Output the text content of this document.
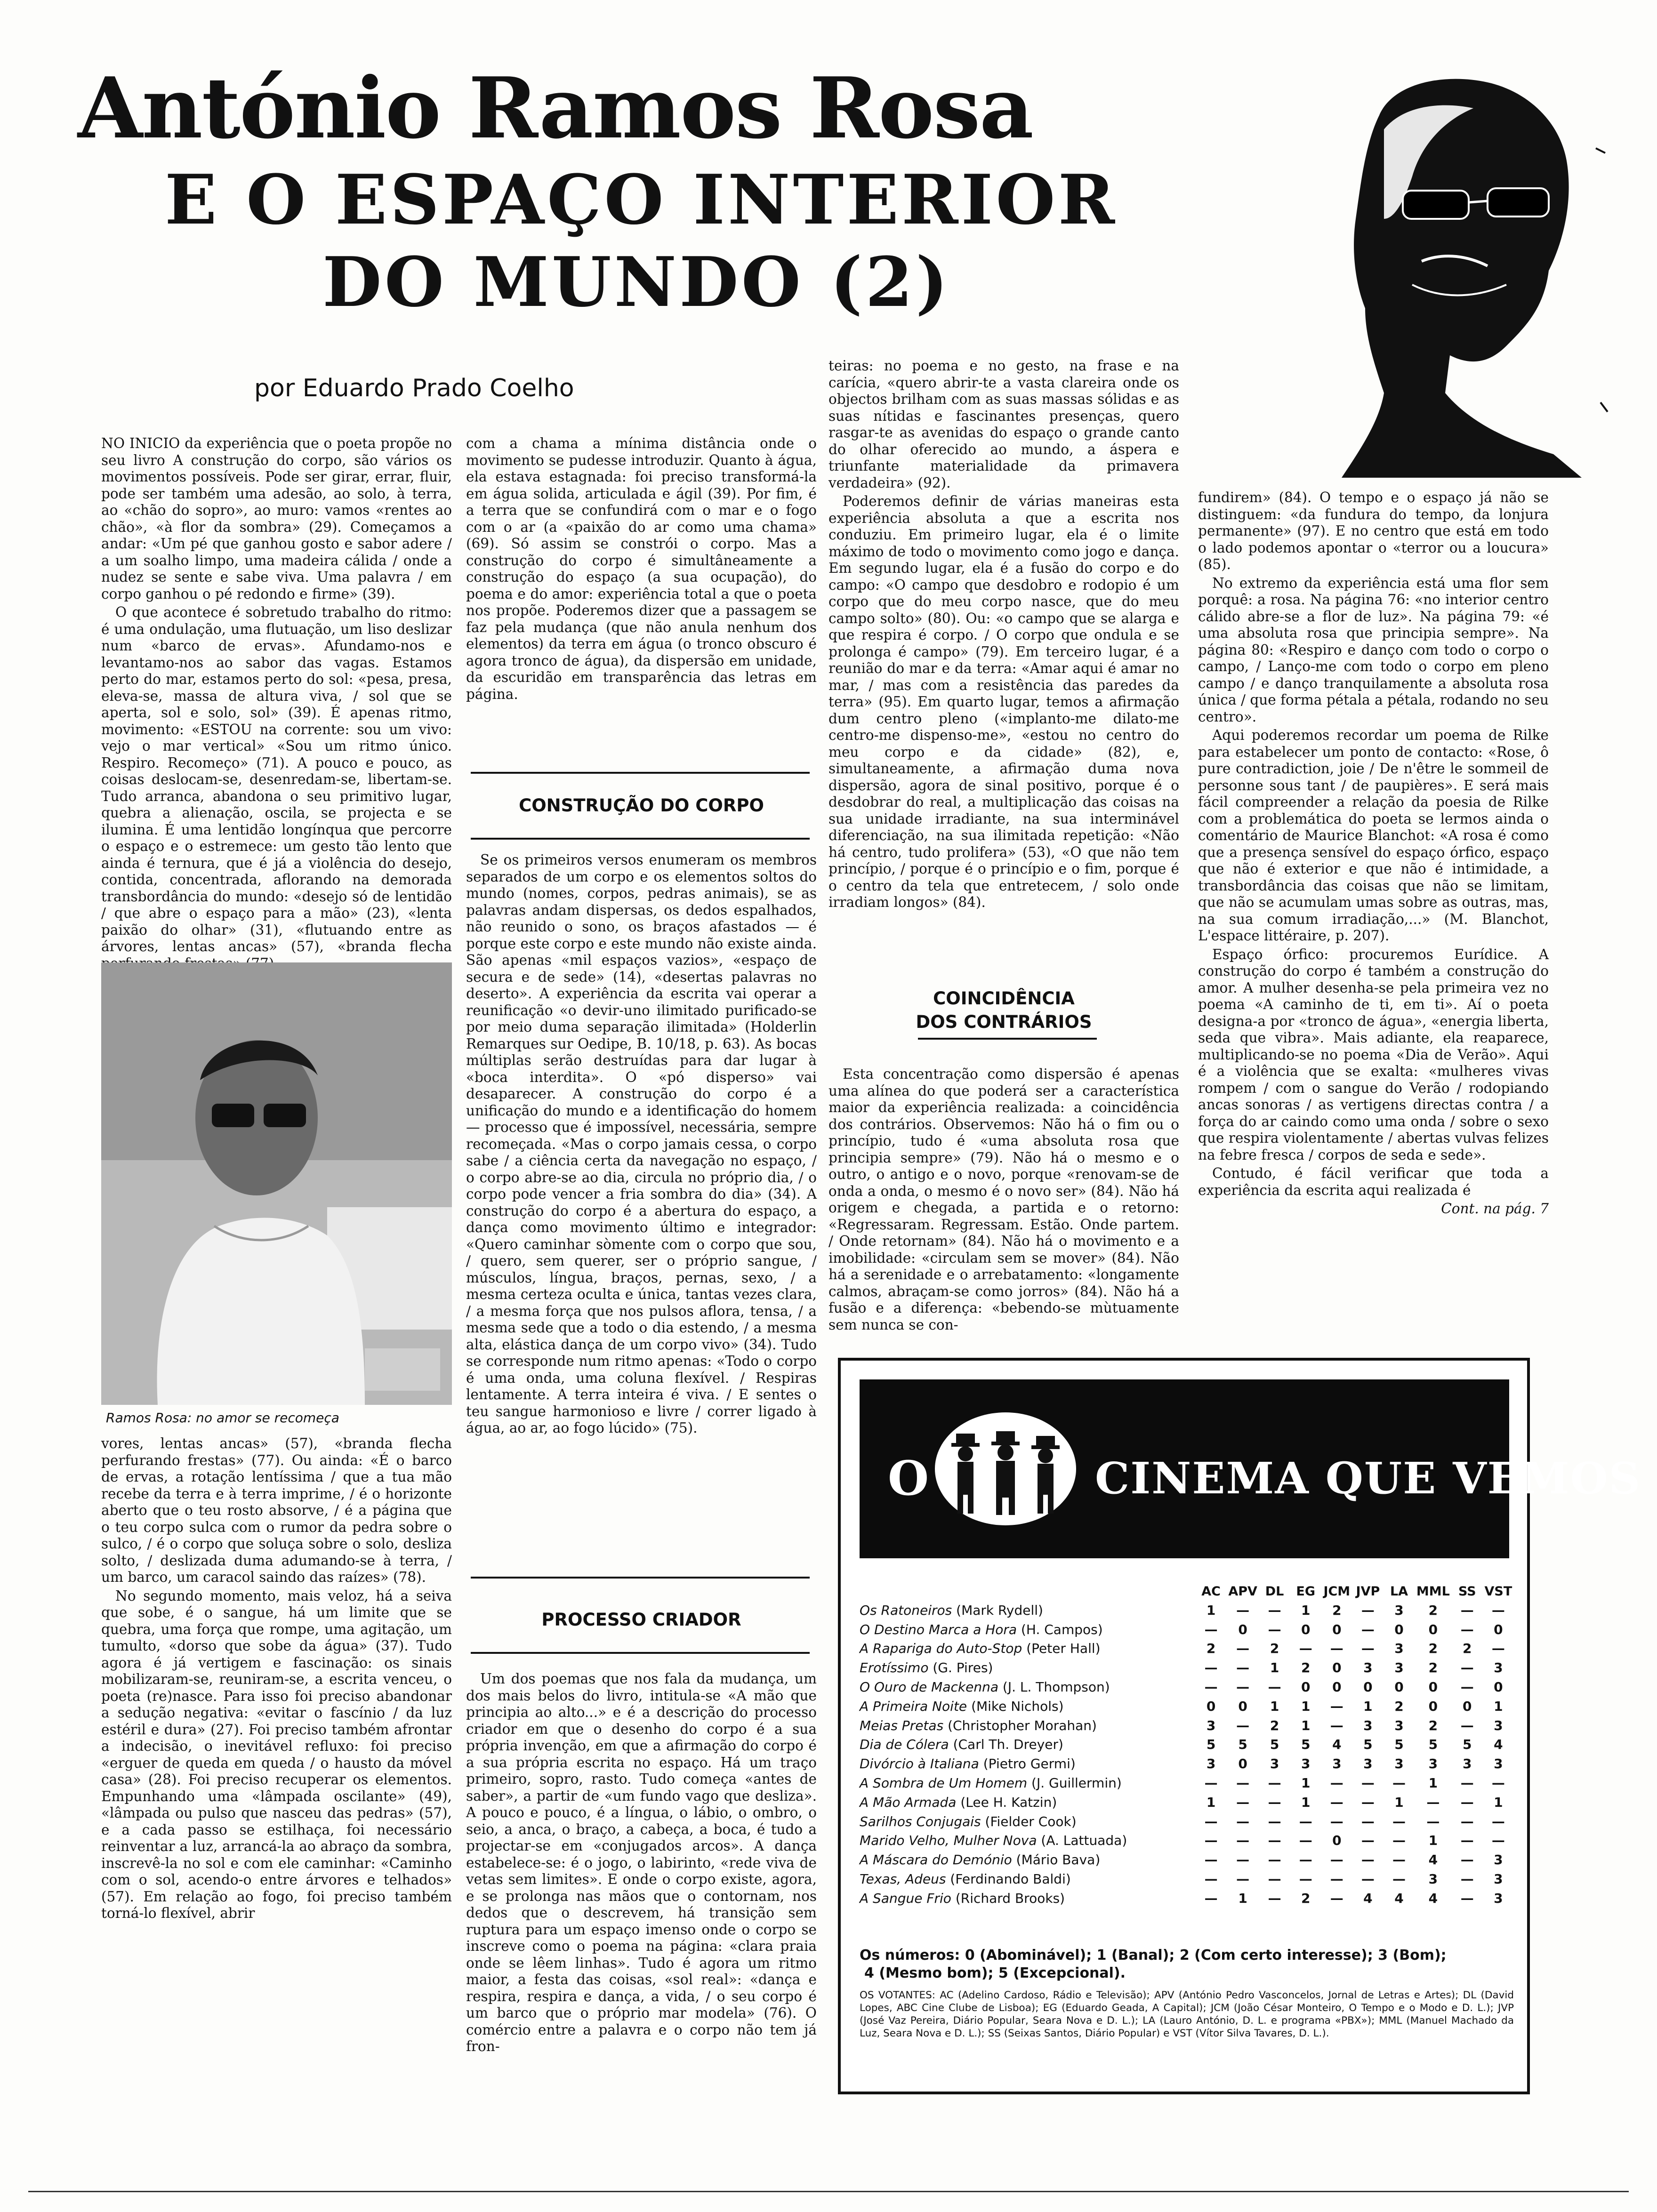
António Ramos Rosa
E O ESPAÇO INTERIOR
DO MUNDO (2)
por Eduardo Prado Coelho

NO INICIO da experiência que o poeta propõe no seu livro A construção do corpo, são vários os movimentos possíveis. Pode ser girar, errar, fluir, pode ser também uma adesão, ao solo, à terra, ao «chão do sopro», ao muro: vamos «rentes ao chão», «à flor da sombra» (29). Começamos a andar: «Um pé que ganhou gosto e sabor adere / a um soalho limpo, uma madeira cálida / onde a nudez se sente e sabe viva. Uma palavra / em corpo ganhou o pé redondo e firme» (39).

O que acontece é sobretudo trabalho do ritmo: é uma ondulação, uma flutuação, um liso deslizar num «barco de ervas». Afundamo-nos e levantamo-nos ao sabor das vagas. Estamos perto do mar, estamos perto do sol: «pesa, presa, eleva-se, massa de altura viva, / sol que se aperta, sol e solo, sol» (39). É apenas ritmo, movimento: «ESTOU na corrente: sou um vivo: vejo o mar vertical» «Sou um ritmo único. Respiro. Recomeço» (71). A pouco e pouco, as coisas deslocam-se, desenredam-se, libertam-se. Tudo arranca, abandona o seu primitivo lugar, quebra a alienação, oscila, se projecta e se ilumina. É uma lentidão longínqua que percorre o espaço e o estremece: um gesto tão lento que ainda é ternura, que é já a violência do desejo, contida, concentrada, aflorando na demorada transbordância do mundo: «desejo só de lentidão / que abre o espaço para a mão» (23), «lenta paixão do olhar» (31), «flutuando entre as árvores, lentas ancas» (57), «branda flecha

Ramos Rosa: no amor se recomeça

vores, lentas ancas» (57), «branda flecha perfurando frestas» (77). Ou ainda: «É o barco de ervas, a rotação lentíssima / que a tua mão recebe da terra e à terra imprime, / é o horizonte aberto que o teu rosto absorve, / é a página que o teu corpo sulca com o rumor da pedra sobre o sulco, / é o corpo que soluça sobre o solo, desliza solto, / deslizada duma adumando-se à terra, / um barco, um caracol saindo das raízes» (78).

No segundo momento, mais veloz, há a seiva que sobe, é o sangue, há um limite que se quebra, uma força que rompe, uma agitação, um tumulto, «dorso que sobe da água» (37). Tudo agora é já vertigem e fascinação: os sinais mobilizaram-se, reuniram-se, a escrita venceu, o poeta (re)nasce. Para isso foi preciso abandonar a sedução negativa: «evitar o fascínio / da luz estéril e dura» (27). Foi preciso também afrontar a indecisão, o inevitável refluxo: foi preciso «erguer de queda em queda / o hausto da móvel casa» (28). Foi preciso recuperar os elementos. Empunhando uma «lâmpada oscilante» (49), «lâmpada ou pulso que nasceu das pedras» (57), e a cada passo se estilhaça, foi necessário reinventar a luz, arrancá-la ao abraço da sombra, inscrevê-la no sol e com ele caminhar: «Caminho com o sol, acendo-o entre árvores e telhados» (57). Em relação ao fogo, foi preciso também torná-lo flexível, abrir

com a chama a mínima distância onde o movimento se pudesse introduzir. Quanto à água, ela estava estagnada: foi preciso transformá-la em água solida, articulada e ágil (39). Por fim, é a terra que se confundirá com o mar e o fogo com o ar (a «paixão do ar como uma chama» (69). Só assim se constrói o corpo. Mas a construção do corpo é simultâneamente a construção do espaço (a sua ocupação), do poema e do amor: experiência total a que o poeta nos propõe. Poderemos dizer que a passagem se faz pela mudança (que não anula nenhum dos elementos) da terra em água (o tronco obscuro é agora tronco de água), da dispersão em unidade, da escuridão em transparência das letras em página.

CONSTRUÇÃO DO CORPO

Se os primeiros versos enumeram os membros separados de um corpo e os elementos soltos do mundo (nomes, corpos, pedras animais), se as palavras andam dispersas, os dedos espalhados, não reunido o sono, os braços afastados — é porque este corpo e este mundo não existe ainda. São apenas «mil espaços vazios», «espaço de secura e de sede» (14), «desertas palavras no deserto». A experiência da escrita vai operar a reunificação «o devir-uno ilimitado purificado-se por meio duma separação ilimitada» (Holderlin Remarques sur Oedipe, B. 10/18, p. 63). As bocas múltiplas serão destruídas para dar lugar à «boca interdita». O «pó disperso» vai desaparecer. A construção do corpo é a unificação do mundo e a identificação do homem — processo que é impossível, necessária, sempre recomeçada. «Mas o corpo jamais cessa, o corpo sabe / a ciência certa da navegação no espaço, / o corpo abre-se ao dia, circula no próprio dia, / o corpo pode vencer a fria sombra do dia» (34). A construção do corpo é a abertura do espaço, a dança como movimento último e integrador: «Quero caminhar sòmente com o corpo que sou, / quero, sem querer, ser o próprio sangue, / músculos, língua, braços, pernas, sexo, / a mesma certeza oculta e única, tantas vezes clara, / a mesma força que nos pulsos aflora, tensa, / a mesma sede que a todo o dia estendo, / a mesma alta, elástica dança de um corpo vivo» (34). Tudo se corresponde num ritmo apenas: «Todo o corpo é uma onda, uma coluna flexível. / Respiras lentamente. A terra inteira é viva. / E sentes o teu sangue harmonioso e livre / correr ligado à água, ao ar, ao fogo lúcido» (75).

PROCESSO CRIADOR

Um dos poemas que nos fala da mudança, um dos mais belos do livro, intitula-se «A mão que principia ao alto...» e é a descrição do processo criador em que o desenho do corpo é a sua própria invenção, em que a afirmação do corpo é a sua própria escrita no espaço. Há um traço primeiro, sopro, rasto. Tudo começa «antes de saber», a partir de «um fundo vago que desliza». A pouco e pouco, é a língua, o lábio, o ombro, o seio, a anca, o braço, a cabeça, a boca, é tudo a projectar-se em «conjugados arcos». A dança estabelece-se: é o jogo, o labirinto, «rede viva de vetas sem limites». E onde o corpo existe, agora, e se prolonga nas mãos que o contornam, nos dedos que o descrevem, há transição sem ruptura para um espaço imenso onde o corpo se inscreve como o poema na página: «clara praia onde se lêem linhas». Tudo é agora um ritmo maior, a festa das coisas, «sol real»: «dança e respira, respira e dança, a vida, / o seu corpo é um barco que o próprio mar modela» (76). O comércio entre a palavra e o corpo não tem já fron-

teiras: no poema e no gesto, na frase e na carícia, «quero abrir-te a vasta clareira onde os objectos brilham com as suas massas sólidas e as suas nítidas e fascinantes presenças, quero rasgar-te as avenidas do espaço o grande canto do olhar oferecido ao mundo, a áspera e triunfante materialidade da primavera verdadeira» (92).

Poderemos definir de várias maneiras esta experiência absoluta a que a escrita nos conduziu. Em primeiro lugar, ela é o limite máximo de todo o movimento como jogo e dança. Em segundo lugar, ela é a fusão do corpo e do campo: «O campo que desdobro e rodopio é um corpo que do meu corpo nasce, que do meu campo solto» (80). Ou: «o campo que se alarga e que respira é corpo. / O corpo que ondula e se prolonga é campo» (79). Em terceiro lugar, é a reunião do mar e da terra: «Amar aqui é amar no mar, / mas com a resistência das paredes da terra» (95). Em quarto lugar, temos a afirmação dum centro pleno («implanto-me dilato-me centro-me dispenso-me», «estou no centro do meu corpo e da cidade» (82), e, simultaneamente, a afirmação duma nova dispersão, agora de sinal positivo, porque é o desdobrar do real, a multiplicação das coisas na sua unidade irradiante, na sua interminável diferenciação, na sua ilimitada repetição: «Não há centro, tudo prolifera» (53), «O que não tem princípio, / porque é o princípio e o fim, porque é o centro da tela que entretecem, / solo onde irradiam longos» (84).

COINCIDÊNCIA
DOS CONTRÁRIOS

Esta concentração como dispersão é apenas uma alínea do que poderá ser a característica maior da experiência realizada: a coincidência dos contrários. Observemos: Não há o fim ou o princípio, tudo é «uma absoluta rosa que principia sempre» (79). Não há o mesmo e o outro, o antigo e o novo, porque «renovam-se de onda a onda, o mesmo é o novo ser» (84). Não há origem e chegada, a partida e o retorno: «Regressaram. Regressam. Estão. Onde partem. / Onde retornam» (84). Não há o movimento e a imobilidade: «circulam sem se mover» (84). Não há a serenidade e o arrebatamento: «longamente calmos, abraçam-se como jorros» (84). Não há a fusão e a diferença: «bebendo-se mùtuamente sem nunca se con-

fundirem» (84). O tempo e o espaço já não se distinguem: «da fundura do tempo, da lonjura permanente» (97). E no centro que está em todo o lado podemos apontar o «terror ou a loucura» (85).

No extremo da experiência está uma flor sem porquê: a rosa. Na página 76: «no interior centro cálido abre-se a flor de luz». Na página 79: «é uma absoluta rosa que principia sempre». Na página 80: «Respiro e danço com todo o corpo o campo, / Lanço-me com todo o corpo em pleno campo / e danço tranquilamente a absoluta rosa única / que forma pétala a pétala, rodando no seu centro».

Aqui poderemos recordar um poema de Rilke para estabelecer um ponto de contacto: «Rose, ô pure contradiction, joie / De n'être le sommeil de personne sous tant / de paupières». E será mais fácil compreender a relação da poesia de Rilke com a problemática do poeta se lermos ainda o comentário de Maurice Blanchot: «A rosa é como que a presença sensível do espaço órfico, espaço que não é exterior e que não é intimidade, a transbordância das coisas que não se limitam, que não se acumulam umas sobre as outras, mas, na sua comum irradiação,...» (M. Blanchot, L'espace littéraire, p. 207).

Espaço órfico: procuremos Eurídice. A construção do corpo é também a construção do amor. A mulher desenha-se pela primeira vez no poema «A caminho de ti, em ti». Aí o poeta designa-a por «tronco de água», «energia liberta, seda que vibra». Mais adiante, ela reaparece, multiplicando-se no poema «Dia de Verão». Aqui é a violência que se exalta: «mulheres vivas rompem / com o sangue do Verão / rodopiando ancas sonoras / as vertigens directas contra / a força do ar caindo como uma onda / sobre o sexo que respira violentamente / abertas vulvas felizes na febre fresca / corpos de seda e sede».

Contudo, é fácil verificar que toda a experiência da escrita aqui realizada é

Cont. na pág. 7

O	CINEMA QUE VEMOS
	AC	APV	DL	EG	JCM	JVP	LA	MML	SS	VST
Os Ratoneiros (Mark Rydell)	1	—	—	1	2	—	3	2	—	—
O Destino Marca a Hora (H. Campos)	—	0	—	0	0	—	0	0	—	0
A Rapariga do Auto-Stop (Peter Hall)	2	—	2	—	—	—	3	2	2	—
Erotíssimo (G. Pires)	—	—	1	2	0	3	3	2	—	3
O Ouro de Mackenna (J. L. Thompson)	—	—	—	0	0	0	0	0	—	0
A Primeira Noite (Mike Nichols)	0	0	1	1	—	1	2	0	0	1
Meias Pretas (Christopher Morahan)	3	—	2	1	—	3	3	2	—	3
Dia de Cólera (Carl Th. Dreyer)	5	5	5	5	4	5	5	5	5	4
Divórcio à Italiana (Pietro Germi)	3	0	3	3	3	3	3	3	3	3
A Sombra de Um Homem (J. Guillermin)	—	—	—	1	—	—	—	1	—	—
A Mão Armada (Lee H. Katzin)	1	—	—	1	—	—	1	—	—	1
Sarilhos Conjugais (Fielder Cook)	—	—	—	—	—	—	—	—	—	—
Marido Velho, Mulher Nova (A. Lattuada)	—	—	—	—	0	—	—	1	—	—
A Máscara do Demónio (Mário Bava)	—	—	—	—	—	—	—	4	—	3
Texas, Adeus (Ferdinando Baldi)	—	—	—	—	—	—	—	3	—	3
A Sangue Frio (Richard Brooks)	—	1	—	2	—	4	4	4	—	3
Os números: 0 (Abominável); 1 (Banal); 2 (Com certo interesse); 3 (Bom);
4 (Mesmo bom); 5 (Excepcional).
OS VOTANTES: AC (Adelino Cardoso, Rádio e Televisão); APV (António Pedro Vasconcelos, Jornal de Letras e Artes); DL (David Lopes, ABC Cine Clube de Lisboa); EG (Eduardo Geada, A Capital); JCM (João César Monteiro, O Tempo e o Modo e D. L.); JVP (José Vaz Pereira, Diário Popular, Seara Nova e D. L.); LA (Lauro António, D. L. e programa «PBX»); MML (Manuel Machado da Luz, Seara Nova e D. L.); SS (Seixas Santos, Diário Popular) e VST (Vítor Silva Tavares, D. L.).
